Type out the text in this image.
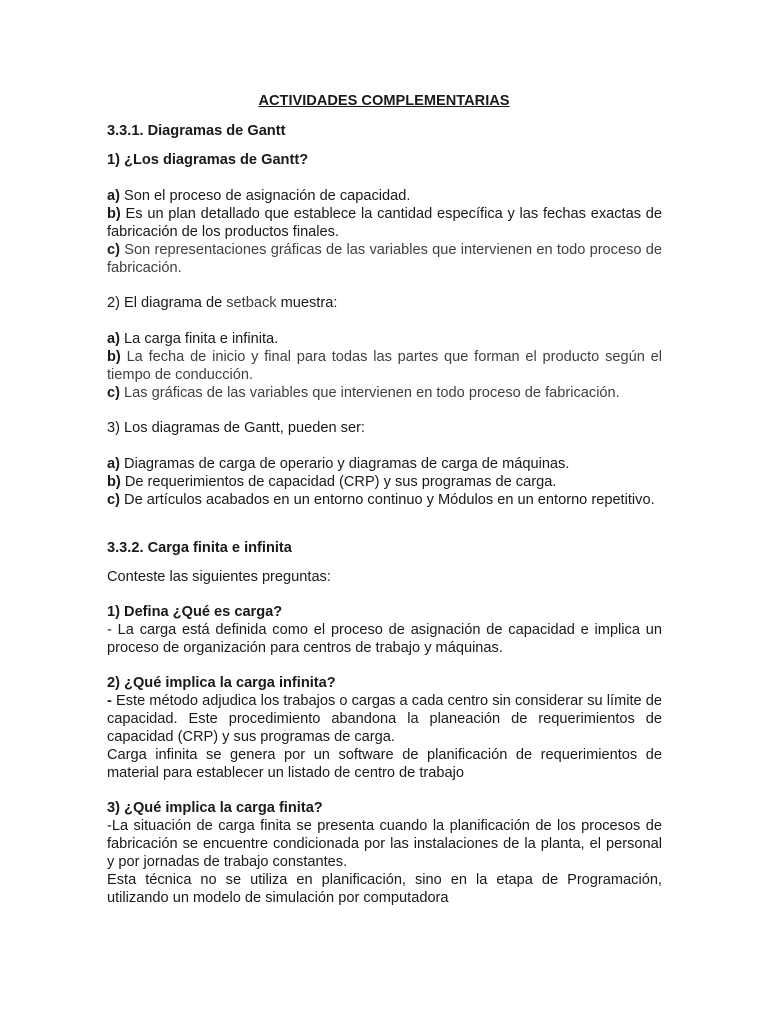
ACTIVIDADES COMPLEMENTARIAS
3.3.1. Diagramas de Gantt
1) ¿Los diagramas de Gantt?

a) Son el proceso de asignación de capacidad.

b) Es un plan detallado que establece la cantidad específica y las fechas exactas de fabricación de los productos finales.

c) Son representaciones gráficas de las variables que intervienen en todo proceso de fabricación.

2) El diagrama de setback muestra:

a) La carga finita e infinita.

b) La fecha de inicio y final para todas las partes que forman el producto según el tiempo de conducción.

c) Las gráficas de las variables que intervienen en todo proceso de fabricación.

3) Los diagramas de Gantt, pueden ser:

a) Diagramas de carga de operario y diagramas de carga de máquinas.

b) De requerimientos de capacidad (CRP) y sus programas de carga.

c) De artículos acabados en un entorno continuo y Módulos en un entorno repetitivo.

3.3.2. Carga finita e infinita
Conteste las siguientes preguntas:

1) Defina ¿Qué es carga?

- La carga está definida como el proceso de asignación de capacidad e implica un proceso de organización para centros de trabajo y máquinas.

2) ¿Qué implica la carga infinita?

- Este método adjudica los trabajos o cargas a cada centro sin considerar su límite de capacidad. Este procedimiento abandona la planeación de requerimientos de capacidad (CRP) y sus programas de carga.

Carga infinita se genera por un software de planificación de requerimientos de material para establecer un listado de centro de trabajo

3) ¿Qué implica la carga finita?

-La situación de carga finita se presenta cuando la planificación de los procesos de fabricación se encuentre condicionada por las instalaciones de la planta, el personal y por jornadas de trabajo constantes.

Esta técnica no se utiliza en planificación, sino en la etapa de Programación, utilizando un modelo de simulación por computadora
